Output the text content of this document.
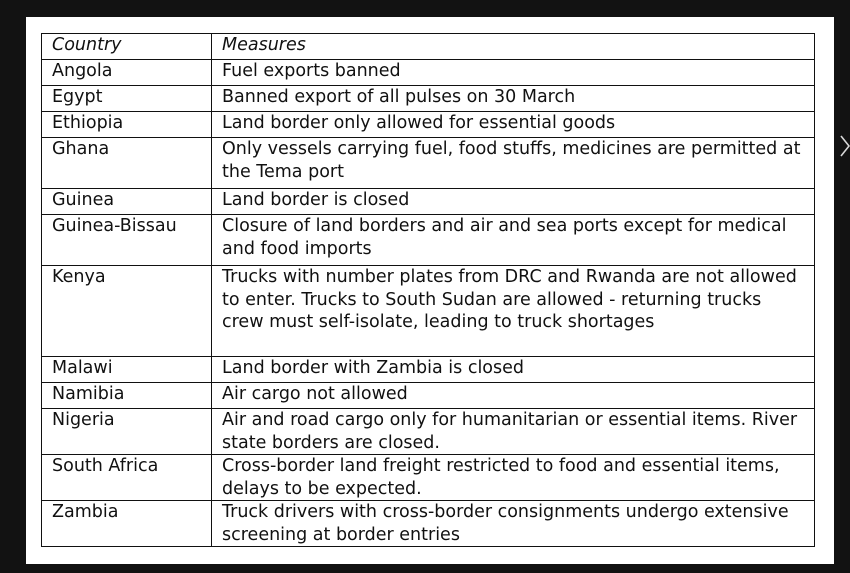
Country	Measures
Angola	Fuel exports banned
Egypt	Banned export of all pulses on 30 March
Ethiopia	Land border only allowed for essential goods
Ghana	Only vessels carrying fuel, food stuffs, medicines are permitted at the Tema port
Guinea	Land border is closed
Guinea-Bissau	Closure of land borders and air and sea ports except for medical and food imports
Kenya	Trucks with number plates from DRC and Rwanda are not allowed to enter. Trucks to South Sudan are allowed - returning trucks crew must self-isolate, leading to truck shortages
Malawi	Land border with Zambia is closed
Namibia	Air cargo not allowed
Nigeria	Air and road cargo only for humanitarian or essential items. River state borders are closed.
South Africa	Cross-border land freight restricted to food and essential items, delays to be expected.
Zambia	Truck drivers with cross-border consignments undergo extensive screening at border entries
